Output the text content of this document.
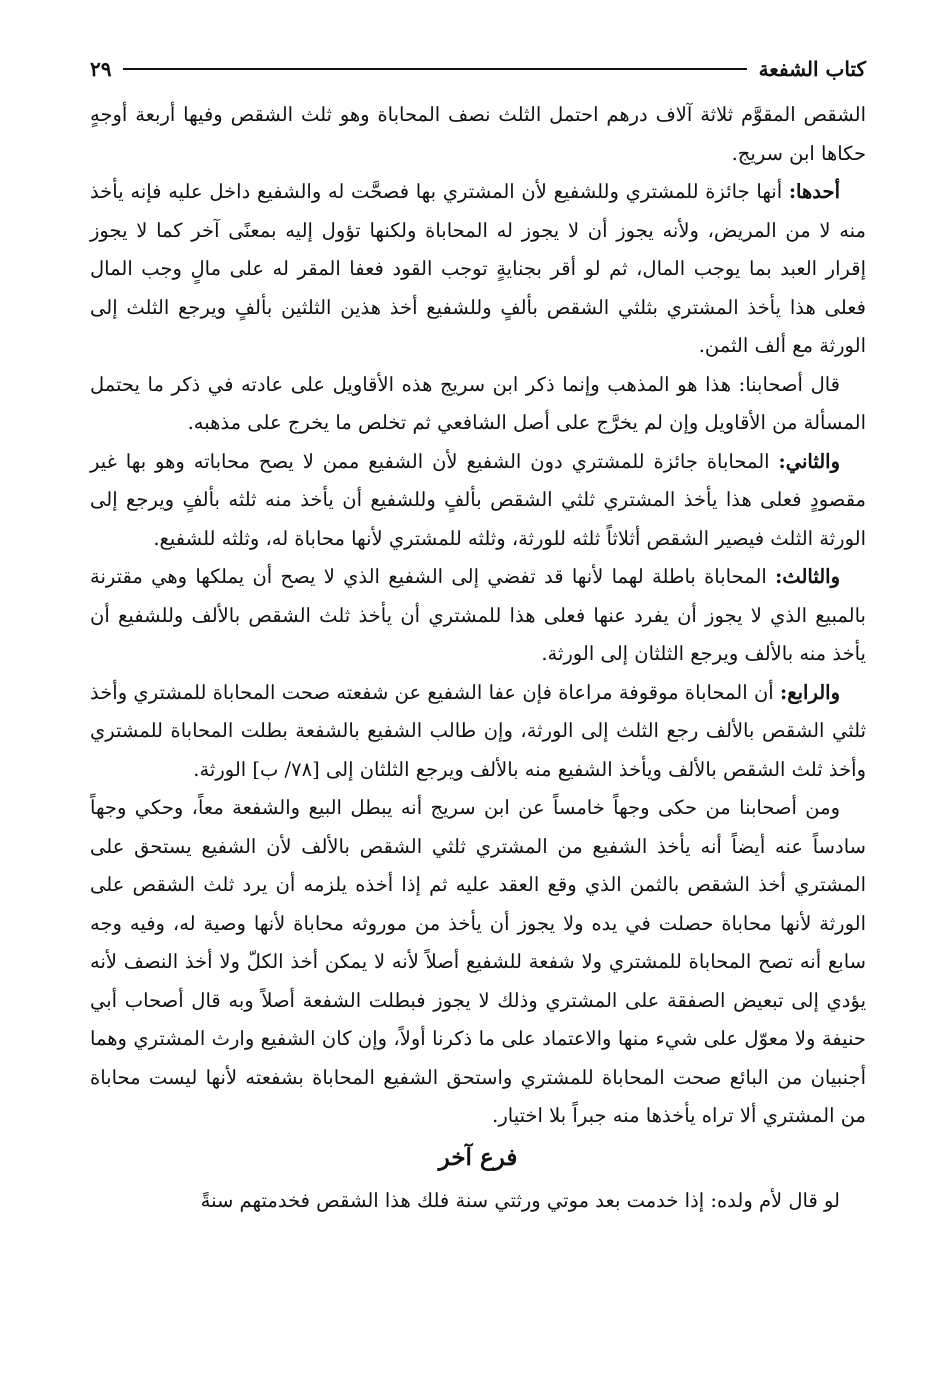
كتاب الشفعة
٢٩

الشقص المقوَّم ثلاثة آلاف درهم احتمل الثلث نصف المحاباة وهو ثلث الشقص وفيها أربعة أوجهٍ حكاها ابن سريج.

أحدها: أنها جائزة للمشتري وللشفيع لأن المشتري بها فصحَّت له والشفيع داخل عليه فإنه يأخذ منه لا من المريض، ولأنه يجوز أن لا يجوز له المحاباة ولكنها تؤول إليه بمعنًى آخر كما لا يجوز إقرار العبد بما يوجب المال، ثم لو أقر بجنايةٍ توجب القود فعفا المقر له على مالٍ وجب المال فعلى هذا يأخذ المشتري بثلثي الشقص بألفٍ وللشفيع أخذ هذين الثلثين بألفٍ ويرجع الثلث إلى الورثة مع ألف الثمن.

قال أصحابنا: هذا هو المذهب وإنما ذكر ابن سريج هذه الأقاويل على عادته في ذكر ما يحتمل المسألة من الأقاويل وإن لم يخرَّج على أصل الشافعي ثم تخلص ما يخرج على مذهبه.

والثاني: المحاباة جائزة للمشتري دون الشفيع لأن الشفيع ممن لا يصح محاباته وهو بها غير مقصودٍ فعلى هذا يأخذ المشتري ثلثي الشقص بألفٍ وللشفيع أن يأخذ منه ثلثه بألفٍ ويرجع إلى الورثة الثلث فيصير الشقص أثلاثاً ثلثه للورثة، وثلثه للمشتري لأنها محاباة له، وثلثه للشفيع.

والثالث: المحاباة باطلة لهما لأنها قد تفضي إلى الشفيع الذي لا يصح أن يملكها وهي مقترنة بالمبيع الذي لا يجوز أن يفرد عنها فعلى هذا للمشتري أن يأخذ ثلث الشقص بالألف وللشفيع أن يأخذ منه بالألف ويرجع الثلثان إلى الورثة.

والرابع: أن المحاباة موقوفة مراعاة فإن عفا الشفيع عن شفعته صحت المحاباة للمشتري وأخذ ثلثي الشقص بالألف رجع الثلث إلى الورثة، وإن طالب الشفيع بالشفعة بطلت المحاباة للمشتري وأخذ ثلث الشقص بالألف ويأخذ الشفيع منه بالألف ويرجع الثلثان إلى [٧٨/ ب] الورثة.

ومن أصحابنا من حكى وجهاً خامساً عن ابن سريج أنه يبطل البيع والشفعة معاً، وحكي وجهاً سادساً عنه أيضاً أنه يأخذ الشفيع من المشتري ثلثي الشقص بالألف لأن الشفيع يستحق على المشتري أخذ الشقص بالثمن الذي وقع العقد عليه ثم إذا أخذه يلزمه أن يرد ثلث الشقص على الورثة لأنها محاباة حصلت في يده ولا يجوز أن يأخذ من موروثه محاباة لأنها وصية له، وفيه وجه سابع أنه تصح المحاباة للمشتري ولا شفعة للشفيع أصلاً لأنه لا يمكن أخذ الكلّ ولا أخذ النصف لأنه يؤدي إلى تبعيض الصفقة على المشتري وذلك لا يجوز فبطلت الشفعة أصلاً وبه قال أصحاب أبي حنيفة ولا معوّل على شيء منها والاعتماد على ما ذكرنا أولاً، وإن كان الشفيع وارث المشتري وهما أجنبيان من البائع صحت المحاباة للمشتري واستحق الشفيع المحاباة بشفعته لأنها ليست محاباة من المشتري ألا تراه يأخذها منه جبراً بلا اختيار.

فرع آخر

لو قال لأم ولده: إذا خدمت بعد موتي ورثتي سنة فلك هذا الشقص فخدمتهم سنةً
